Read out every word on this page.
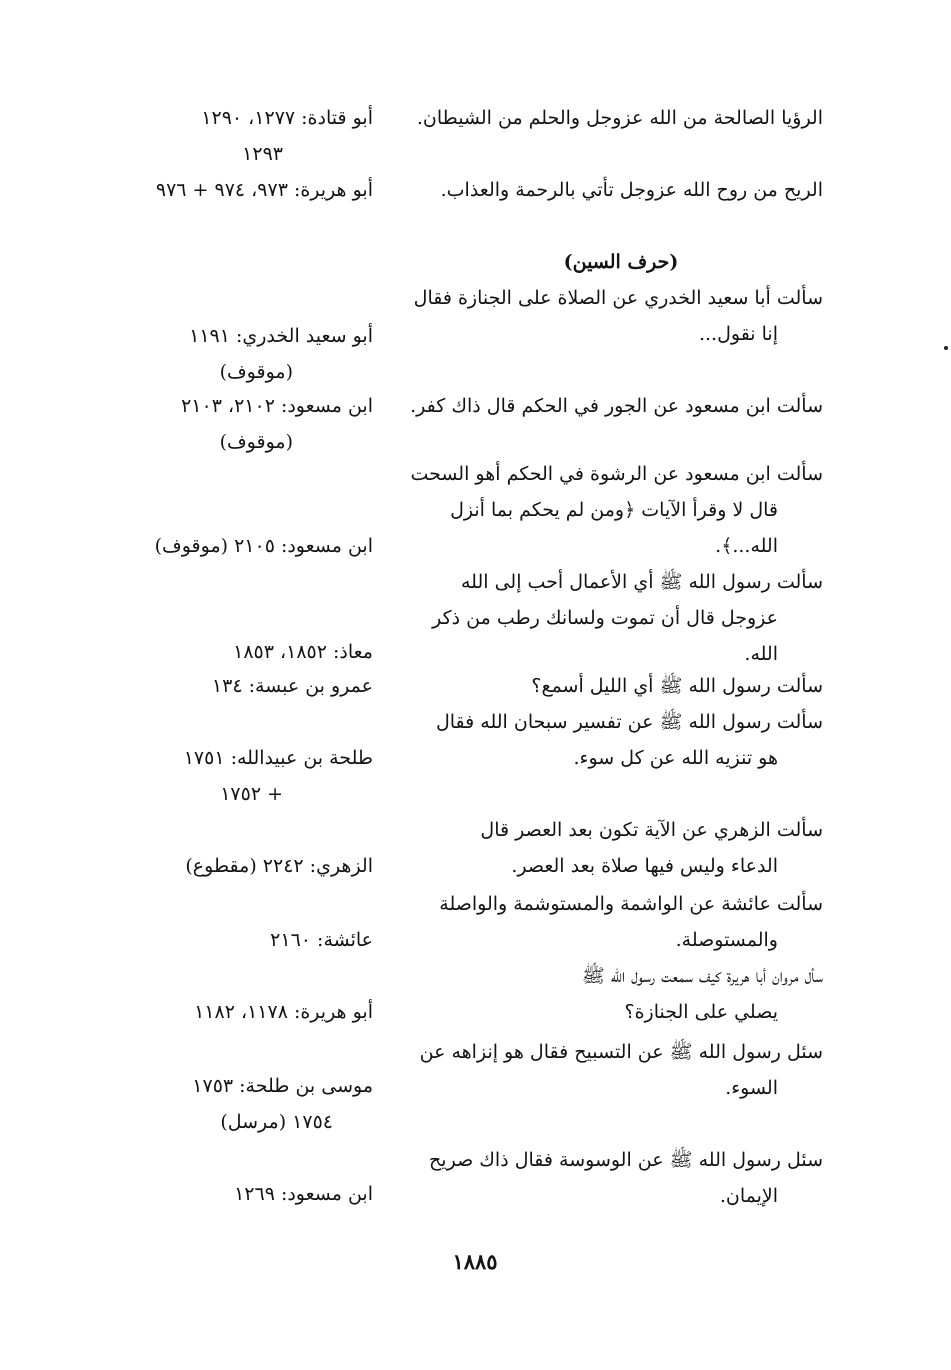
الرؤيا الصالحة من الله عزوجل والحلم من الشيطان.
أبو قتادة: ١٢٧٧، ١٢٩٠
١٢٩٣
الريح من روح الله عزوجل تأتي بالرحمة والعذاب.
أبو هريرة: ٩٧٣، ٩٧٤ + ٩٧٦
(حرف السين)
سألت أبا سعيد الخدري عن الصلاة على الجنازة فقال
إنا نقول...
أبو سعيد الخدري: ١١٩١
(موقوف)
سألت ابن مسعود عن الجور في الحكم قال ذاك كفر.
ابن مسعود: ٢١٠٢، ٢١٠٣
(موقوف)
سألت ابن مسعود عن الرشوة في الحكم أهو السحت
قال لا وقرأ الآيات ﴿ومن لم يحكم بما أنزل
الله...﴾.
ابن مسعود: ٢١٠٥ (موقوف)
سألت رسول الله ﷺ أي الأعمال أحب إلى الله
عزوجل قال أن تموت ولسانك رطب من ذكر
الله.
معاذ: ١٨٥٢، ١٨٥٣
سألت رسول الله ﷺ أي الليل أسمع؟
عمرو بن عبسة: ١٣٤
سألت رسول الله ﷺ عن تفسير سبحان الله فقال
هو تنزيه الله عن كل سوء.
طلحة بن عبيدالله: ١٧٥١
+ ١٧٥٢
سألت الزهري عن الآية تكون بعد العصر قال
الدعاء وليس فيها صلاة بعد العصر.
الزهري: ٢٢٤٢ (مقطوع)
سألت عائشة عن الواشمة والمستوشمة والواصلة
والمستوصلة.
عائشة: ٢١٦٠
سأل مروان أبا هريرة كيف سمعت رسول الله ﷺ
يصلي على الجنازة؟
أبو هريرة: ١١٧٨، ١١٨٢
سئل رسول الله ﷺ عن التسبيح فقال هو إنزاهه عن
السوء.
موسى بن طلحة: ١٧٥٣
١٧٥٤ (مرسل)
سئل رسول الله ﷺ عن الوسوسة فقال ذاك صريح
الإيمان.
ابن مسعود: ١٢٦٩
١٨٨٥
